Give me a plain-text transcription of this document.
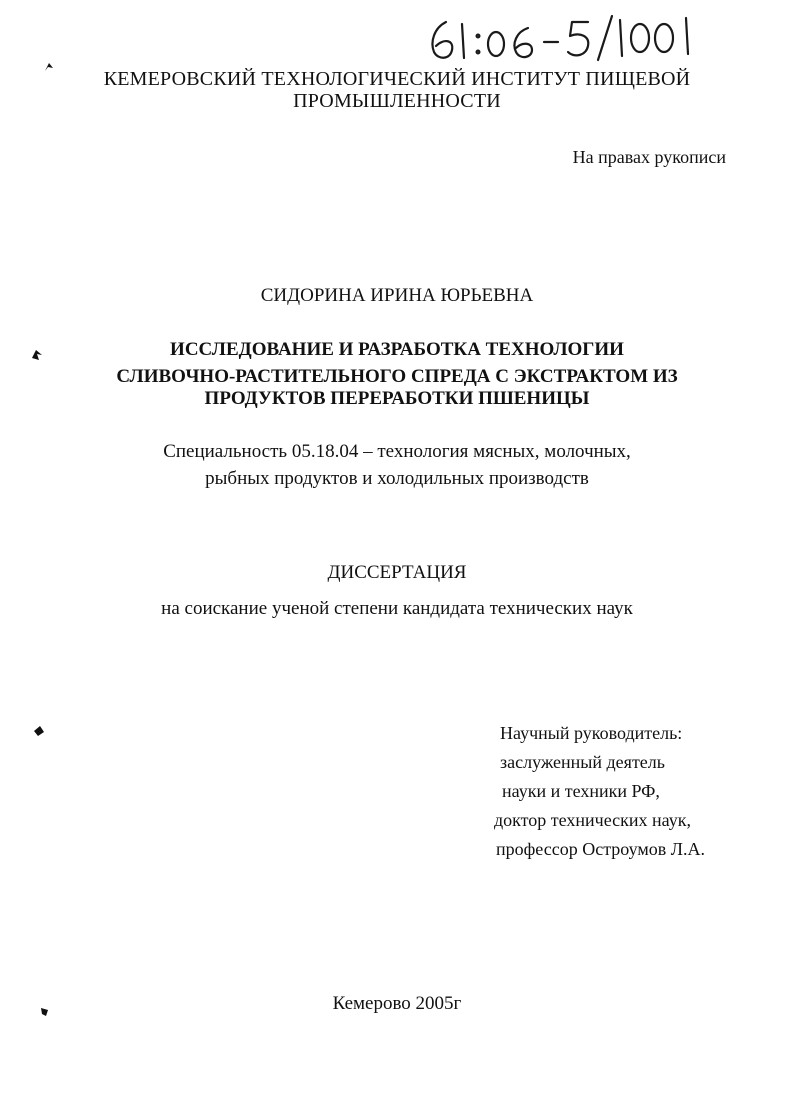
КЕМЕРОВСКИЙ ТЕХНОЛОГИЧЕСКИЙ ИНСТИТУТ ПИЩЕВОЙ
ПРОМЫШЛЕННОСТИ
На правах рукописи
СИДОРИНА ИРИНА ЮРЬЕВНА
ИССЛЕДОВАНИЕ И РАЗРАБОТКА ТЕХНОЛОГИИ
СЛИВОЧНО-РАСТИТЕЛЬНОГО СПРЕДА С ЭКСТРАКТОМ ИЗ
ПРОДУКТОВ ПЕРЕРАБОТКИ ПШЕНИЦЫ
Специальность 05.18.04 – технология мясных, молочных,
рыбных продуктов и холодильных производств
ДИССЕРТАЦИЯ
на соискание ученой степени кандидата технических наук
Научный руководитель:
заслуженный деятель
науки и техники РФ,
доктор технических наук,
профессор Остроумов Л.А.
Кемерово 2005г
